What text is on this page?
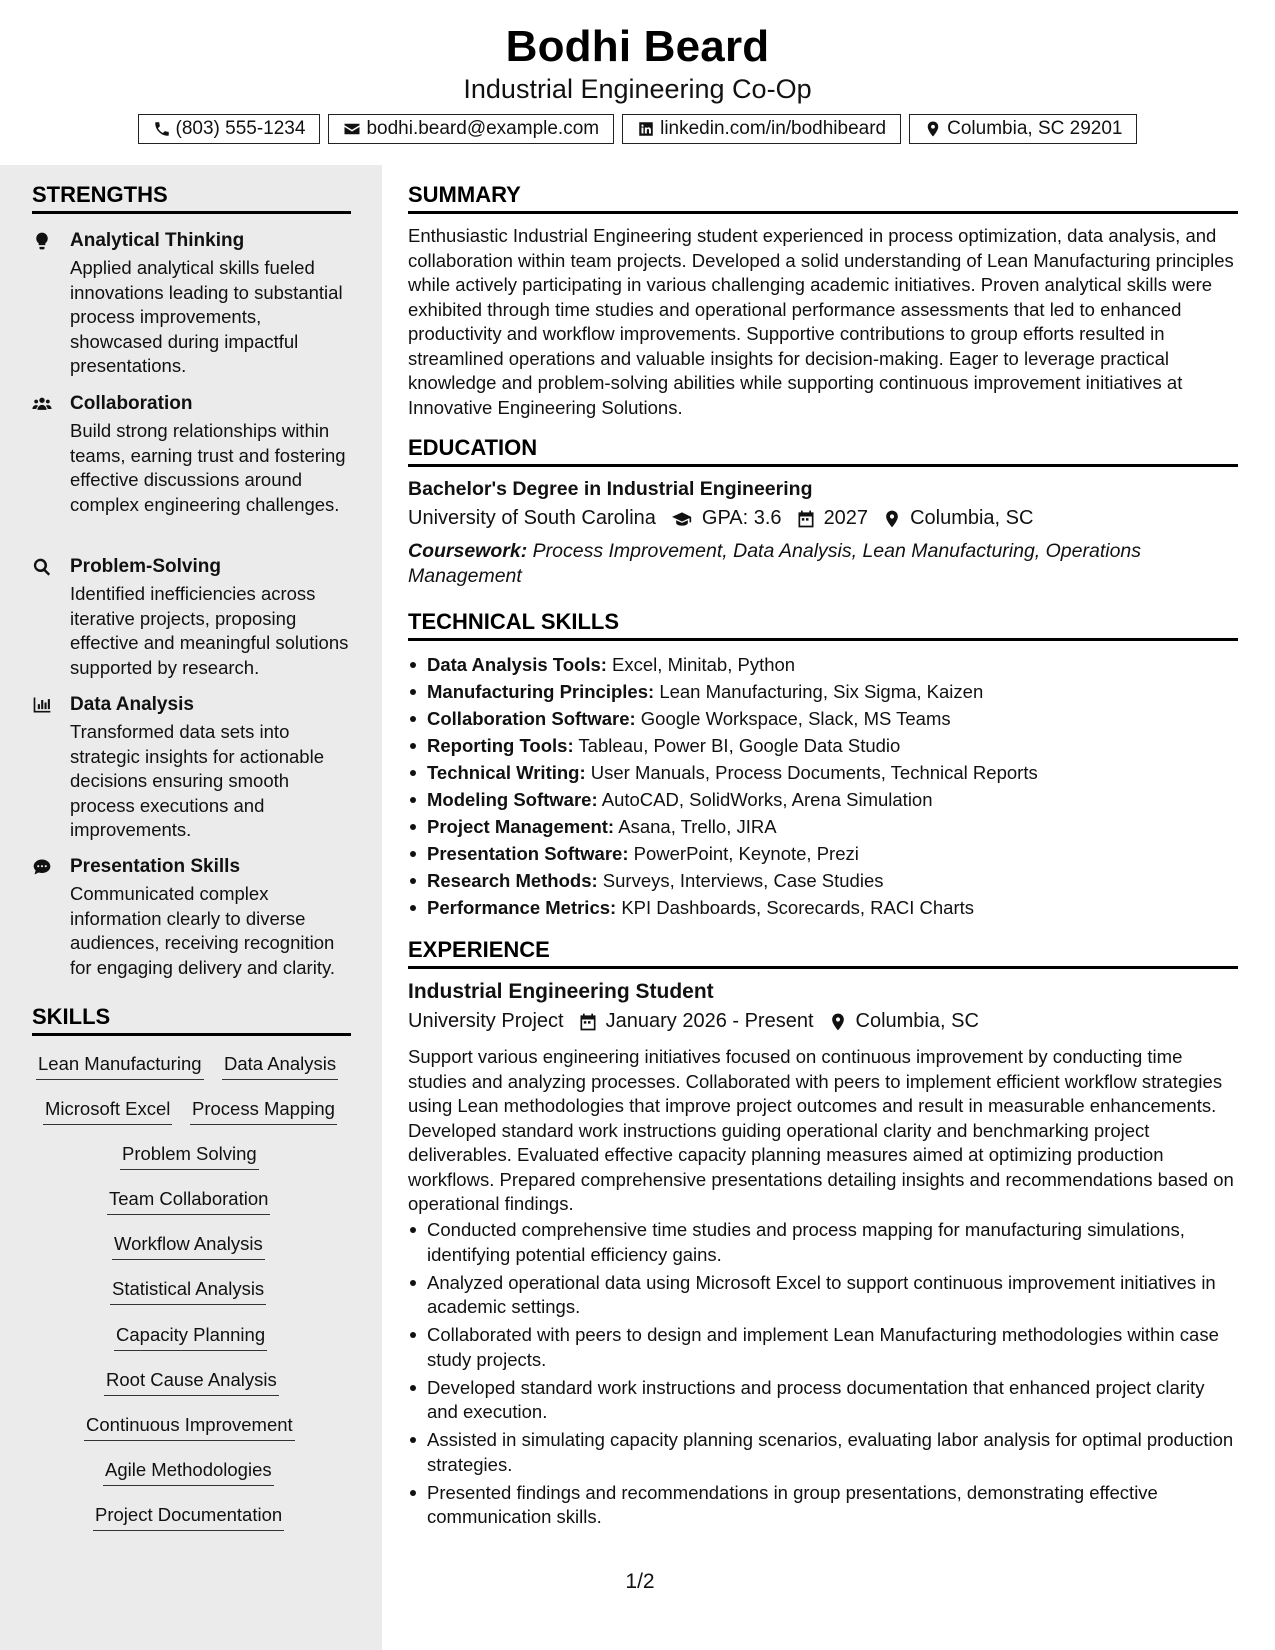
Bodhi Beard
Industrial Engineering Co-Op
(803) 555-1234	bodhi.beard@example.com	linkedin.com/in/bodhibeard	Columbia, SC 29201
STRENGTHS
Analytical Thinking
Applied analytical skills fueled innovations leading to substantial process improvements, showcased during impactful presentations.
Collaboration
Build strong relationships within teams, earning trust and fostering effective discussions around complex engineering challenges.
Problem-Solving
Identified inefficiencies across iterative projects, proposing effective and meaningful solutions supported by research.
Data Analysis
Transformed data sets into strategic insights for actionable decisions ensuring smooth process executions and improvements.
Presentation Skills
Communicated complex information clearly to diverse audiences, receiving recognition for engaging delivery and clarity.
SKILLS
Lean Manufacturing Data Analysis
Microsoft Excel Process Mapping
Problem Solving
Team Collaboration
Workflow Analysis
Statistical Analysis
Capacity Planning
Root Cause Analysis
Continuous Improvement
Agile Methodologies
Project Documentation
SUMMARY
Enthusiastic Industrial Engineering student experienced in process optimization, data analysis, and collaboration within team projects. Developed a solid understanding of Lean Manufacturing principles while actively participating in various challenging academic initiatives. Proven analytical skills were exhibited through time studies and operational performance assessments that led to enhanced productivity and workflow improvements. Supportive contributions to group efforts resulted in streamlined operations and valuable insights for decision-making. Eager to leverage practical knowledge and problem-solving abilities while supporting continuous improvement initiatives at Innovative Engineering Solutions.
EDUCATION
Bachelor's Degree in Industrial Engineering
University of South Carolina GPA: 3.6 2027 Columbia, SC
Coursework: Process Improvement, Data Analysis, Lean Manufacturing, Operations Management
TECHNICAL SKILLS
Data Analysis Tools: Excel, Minitab, Python
Manufacturing Principles: Lean Manufacturing, Six Sigma, Kaizen
Collaboration Software: Google Workspace, Slack, MS Teams
Reporting Tools: Tableau, Power BI, Google Data Studio
Technical Writing: User Manuals, Process Documents, Technical Reports
Modeling Software: AutoCAD, SolidWorks, Arena Simulation
Project Management: Asana, Trello, JIRA
Presentation Software: PowerPoint, Keynote, Prezi
Research Methods: Surveys, Interviews, Case Studies
Performance Metrics: KPI Dashboards, Scorecards, RACI Charts
EXPERIENCE
Industrial Engineering Student
University Project January 2026 - Present Columbia, SC
Support various engineering initiatives focused on continuous improvement by conducting time studies and analyzing processes. Collaborated with peers to implement efficient workflow strategies using Lean methodologies that improve project outcomes and result in measurable enhancements. Developed standard work instructions guiding operational clarity and benchmarking project deliverables. Evaluated effective capacity planning measures aimed at optimizing production workflows. Prepared comprehensive presentations detailing insights and recommendations based on operational findings.
Conducted comprehensive time studies and process mapping for manufacturing simulations, identifying potential efficiency gains.
Analyzed operational data using Microsoft Excel to support continuous improvement initiatives in academic settings.
Collaborated with peers to design and implement Lean Manufacturing methodologies within case study projects.
Developed standard work instructions and process documentation that enhanced project clarity and execution.
Assisted in simulating capacity planning scenarios, evaluating labor analysis for optimal production strategies.
Presented findings and recommendations in group presentations, demonstrating effective communication skills.
1/2
